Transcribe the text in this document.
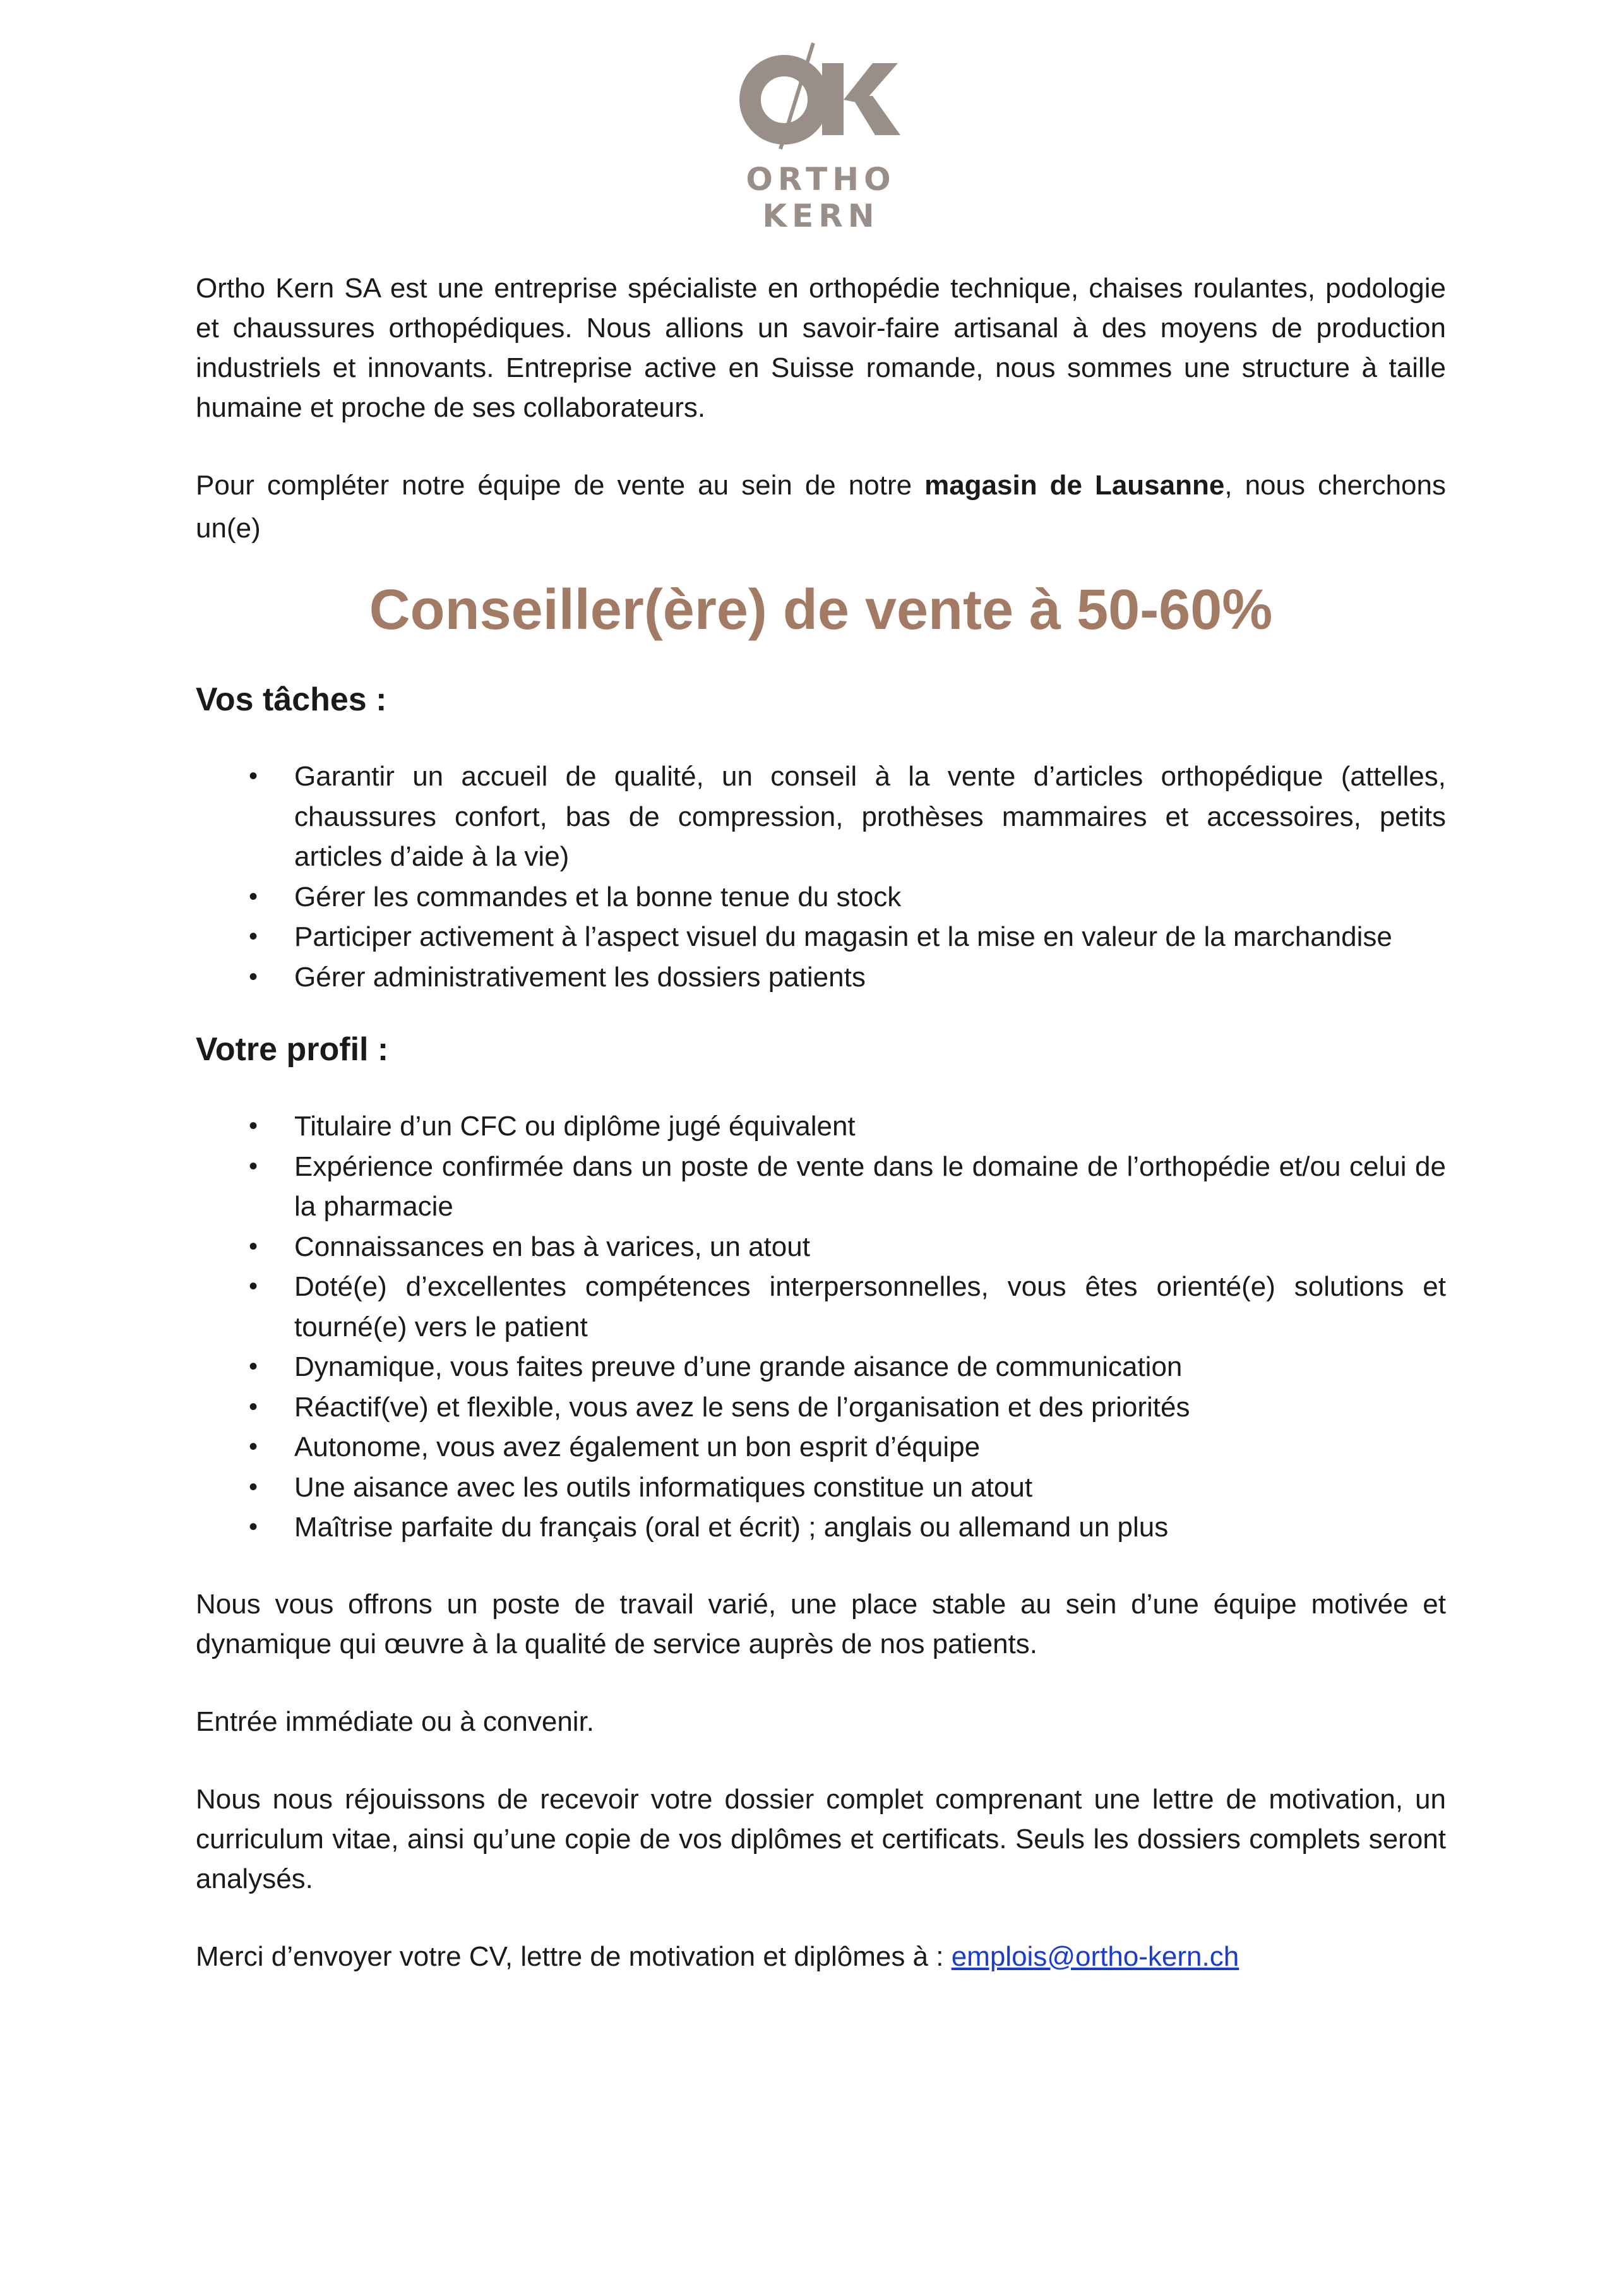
ORTHO KERN

Ortho Kern SA est une entreprise spécialiste en orthopédie technique, chaises roulantes, podologie et chaussures orthopédiques. Nous allions un savoir-faire artisanal à des moyens de production industriels et innovants. Entreprise active en Suisse romande, nous sommes une structure à taille humaine et proche de ses collaborateurs.

Pour compléter notre équipe de vente au sein de notre magasin de Lausanne, nous cherchons un(e)

Conseiller(ère) de vente à 50-60%
Vos tâches :
• Garantir un accueil de qualité, un conseil à la vente d’articles orthopédique (attelles, chaussures confort, bas de compression, prothèses mammaires et accessoires, petits articles d’aide à la vie)
• Gérer les commandes et la bonne tenue du stock
• Participer activement à l’aspect visuel du magasin et la mise en valeur de la marchandise
• Gérer administrativement les dossiers patients
Votre profil :
• Titulaire d’un CFC ou diplôme jugé équivalent
• Expérience confirmée dans un poste de vente dans le domaine de l’orthopédie et/ou celui de la pharmacie
• Connaissances en bas à varices, un atout
• Doté(e) d’excellentes compétences interpersonnelles, vous êtes orienté(e) solutions et tourné(e) vers le patient
• Dynamique, vous faites preuve d’une grande aisance de communication
• Réactif(ve) et flexible, vous avez le sens de l’organisation et des priorités
• Autonome, vous avez également un bon esprit d’équipe
• Une aisance avec les outils informatiques constitue un atout
• Maîtrise parfaite du français (oral et écrit) ; anglais ou allemand un plus

Nous vous offrons un poste de travail varié, une place stable au sein d’une équipe motivée et dynamique qui œuvre à la qualité de service auprès de nos patients.

Entrée immédiate ou à convenir.

Nous nous réjouissons de recevoir votre dossier complet comprenant une lettre de motivation, un curriculum vitae, ainsi qu’une copie de vos diplômes et certificats. Seuls les dossiers complets seront analysés.

Merci d’envoyer votre CV, lettre de motivation et diplômes à : emplois@ortho-kern.ch
